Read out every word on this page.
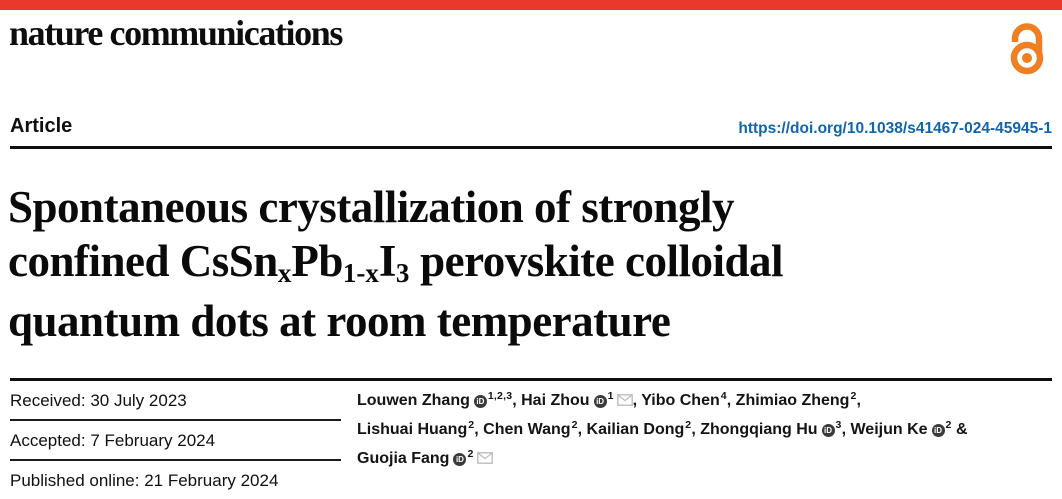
nature communications
Article	https://doi.org/10.1038/s41467-024-45945-1
Spontaneous crystallization of strongly
confined CsSnxPb1-xI3 perovskite colloidal
quantum dots at room temperature
Received: 30 July 2023
Accepted: 7 February 2024
Published online: 21 February 2024
Louwen Zhang iD $^{1,2,3}$, Hai Zhou iD $^1$ , Yibo Chen$^4$, Zhimiao Zheng$^2$,
Lishuai Huang$^2$, Chen Wang$^2$, Kailian Dong$^2$, Zhongqiang Hu iD $^3$, Weijun Ke iD $^2$ &
Guojia Fang iD $^2$
